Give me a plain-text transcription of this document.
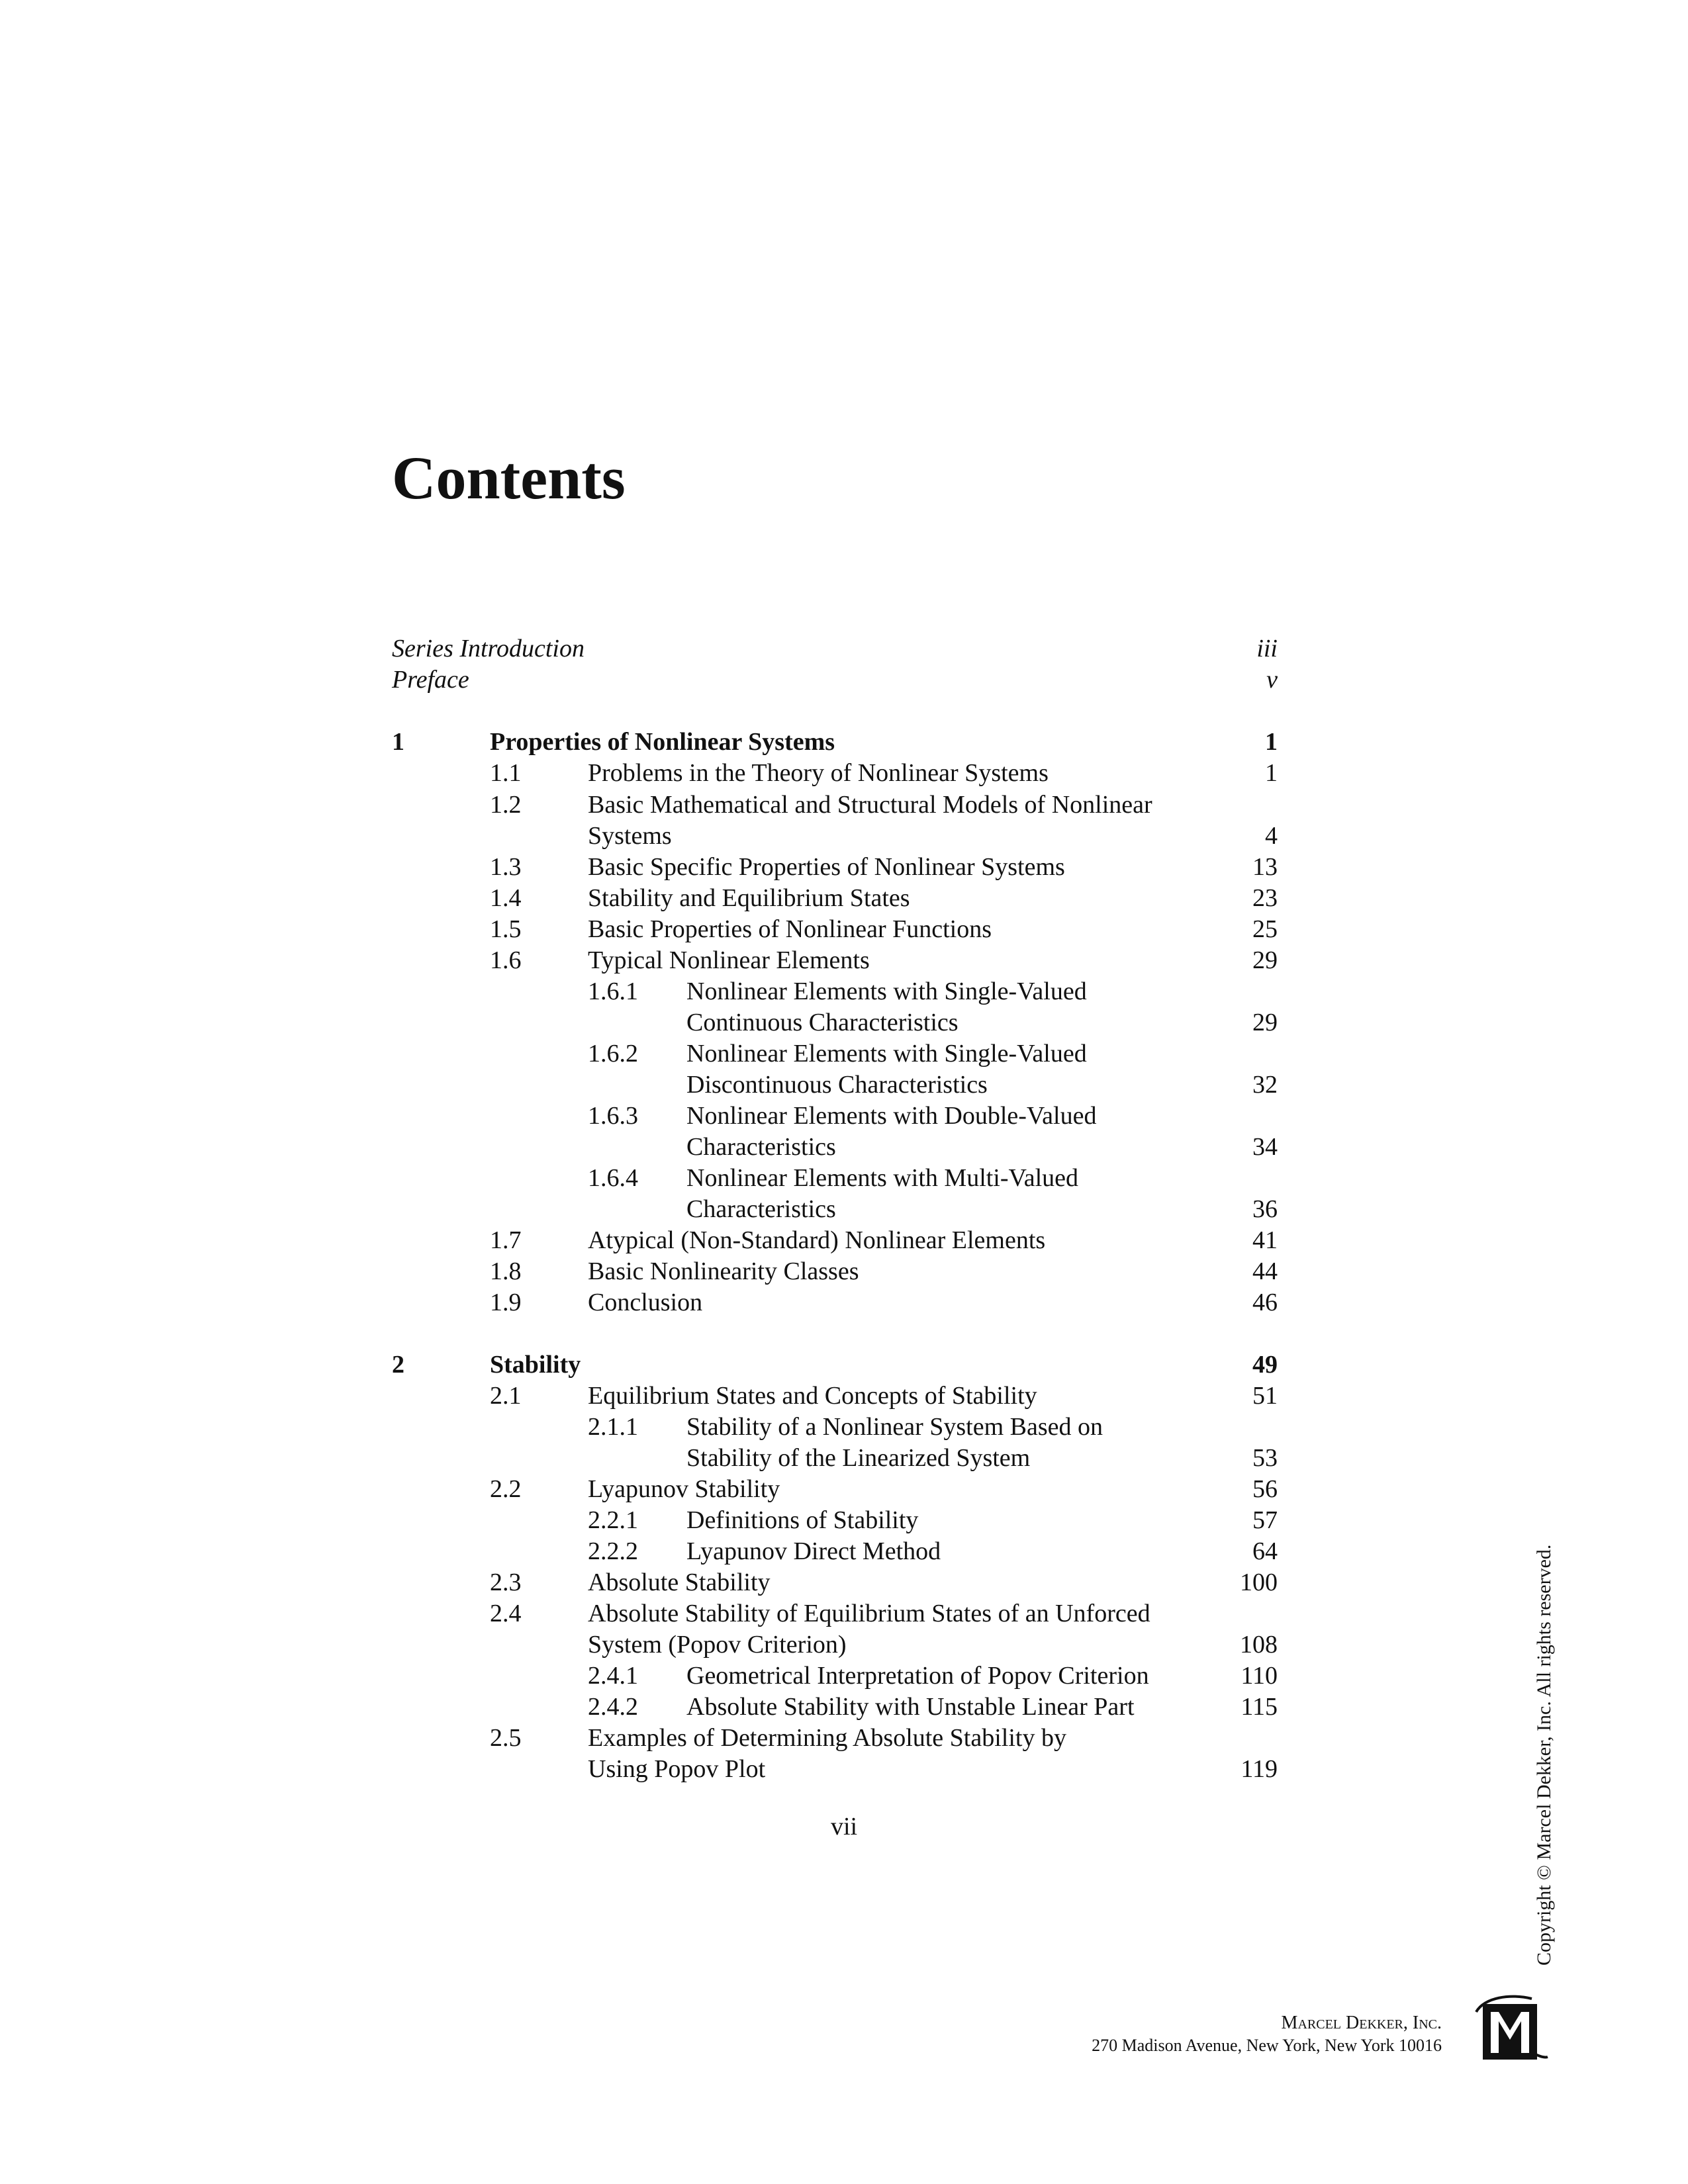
Contents
Series Introduction	iii
Preface	v
1	Properties of Nonlinear Systems	1
1.1	Problems in the Theory of Nonlinear Systems	1
1.2	Basic Mathematical and Structural Models of Nonlinear
Systems	4
1.3	Basic Specific Properties of Nonlinear Systems	13
1.4	Stability and Equilibrium States	23
1.5	Basic Properties of Nonlinear Functions	25
1.6	Typical Nonlinear Elements	29
1.6.1 Nonlinear Elements with Single-Valued
Continuous Characteristics	29
1.6.2 Nonlinear Elements with Single-Valued
Discontinuous Characteristics	32
1.6.3 Nonlinear Elements with Double-Valued
Characteristics	34
1.6.4 Nonlinear Elements with Multi-Valued
Characteristics	36
1.7	Atypical (Non-Standard) Nonlinear Elements	41
1.8	Basic Nonlinearity Classes	44
1.9	Conclusion	46
2	Stability	49
2.1	Equilibrium States and Concepts of Stability	51
2.1.1 Stability of a Nonlinear System Based on
Stability of the Linearized System	53
2.2	Lyapunov Stability	56
2.2.1 Definitions of Stability	57
2.2.2 Lyapunov Direct Method	64
2.3	Absolute Stability	100
2.4	Absolute Stability of Equilibrium States of an Unforced
System (Popov Criterion)	108
2.4.1 Geometrical Interpretation of Popov Criterion	110
2.4.2 Absolute Stability with Unstable Linear Part	115
2.5	Examples of Determining Absolute Stability by
Using Popov Plot	119
vii	Copyright © Marcel Dekker, Inc. All rights reserved.
Marcel Dekker, Inc.
270 Madison Avenue, New York, New York 10016
